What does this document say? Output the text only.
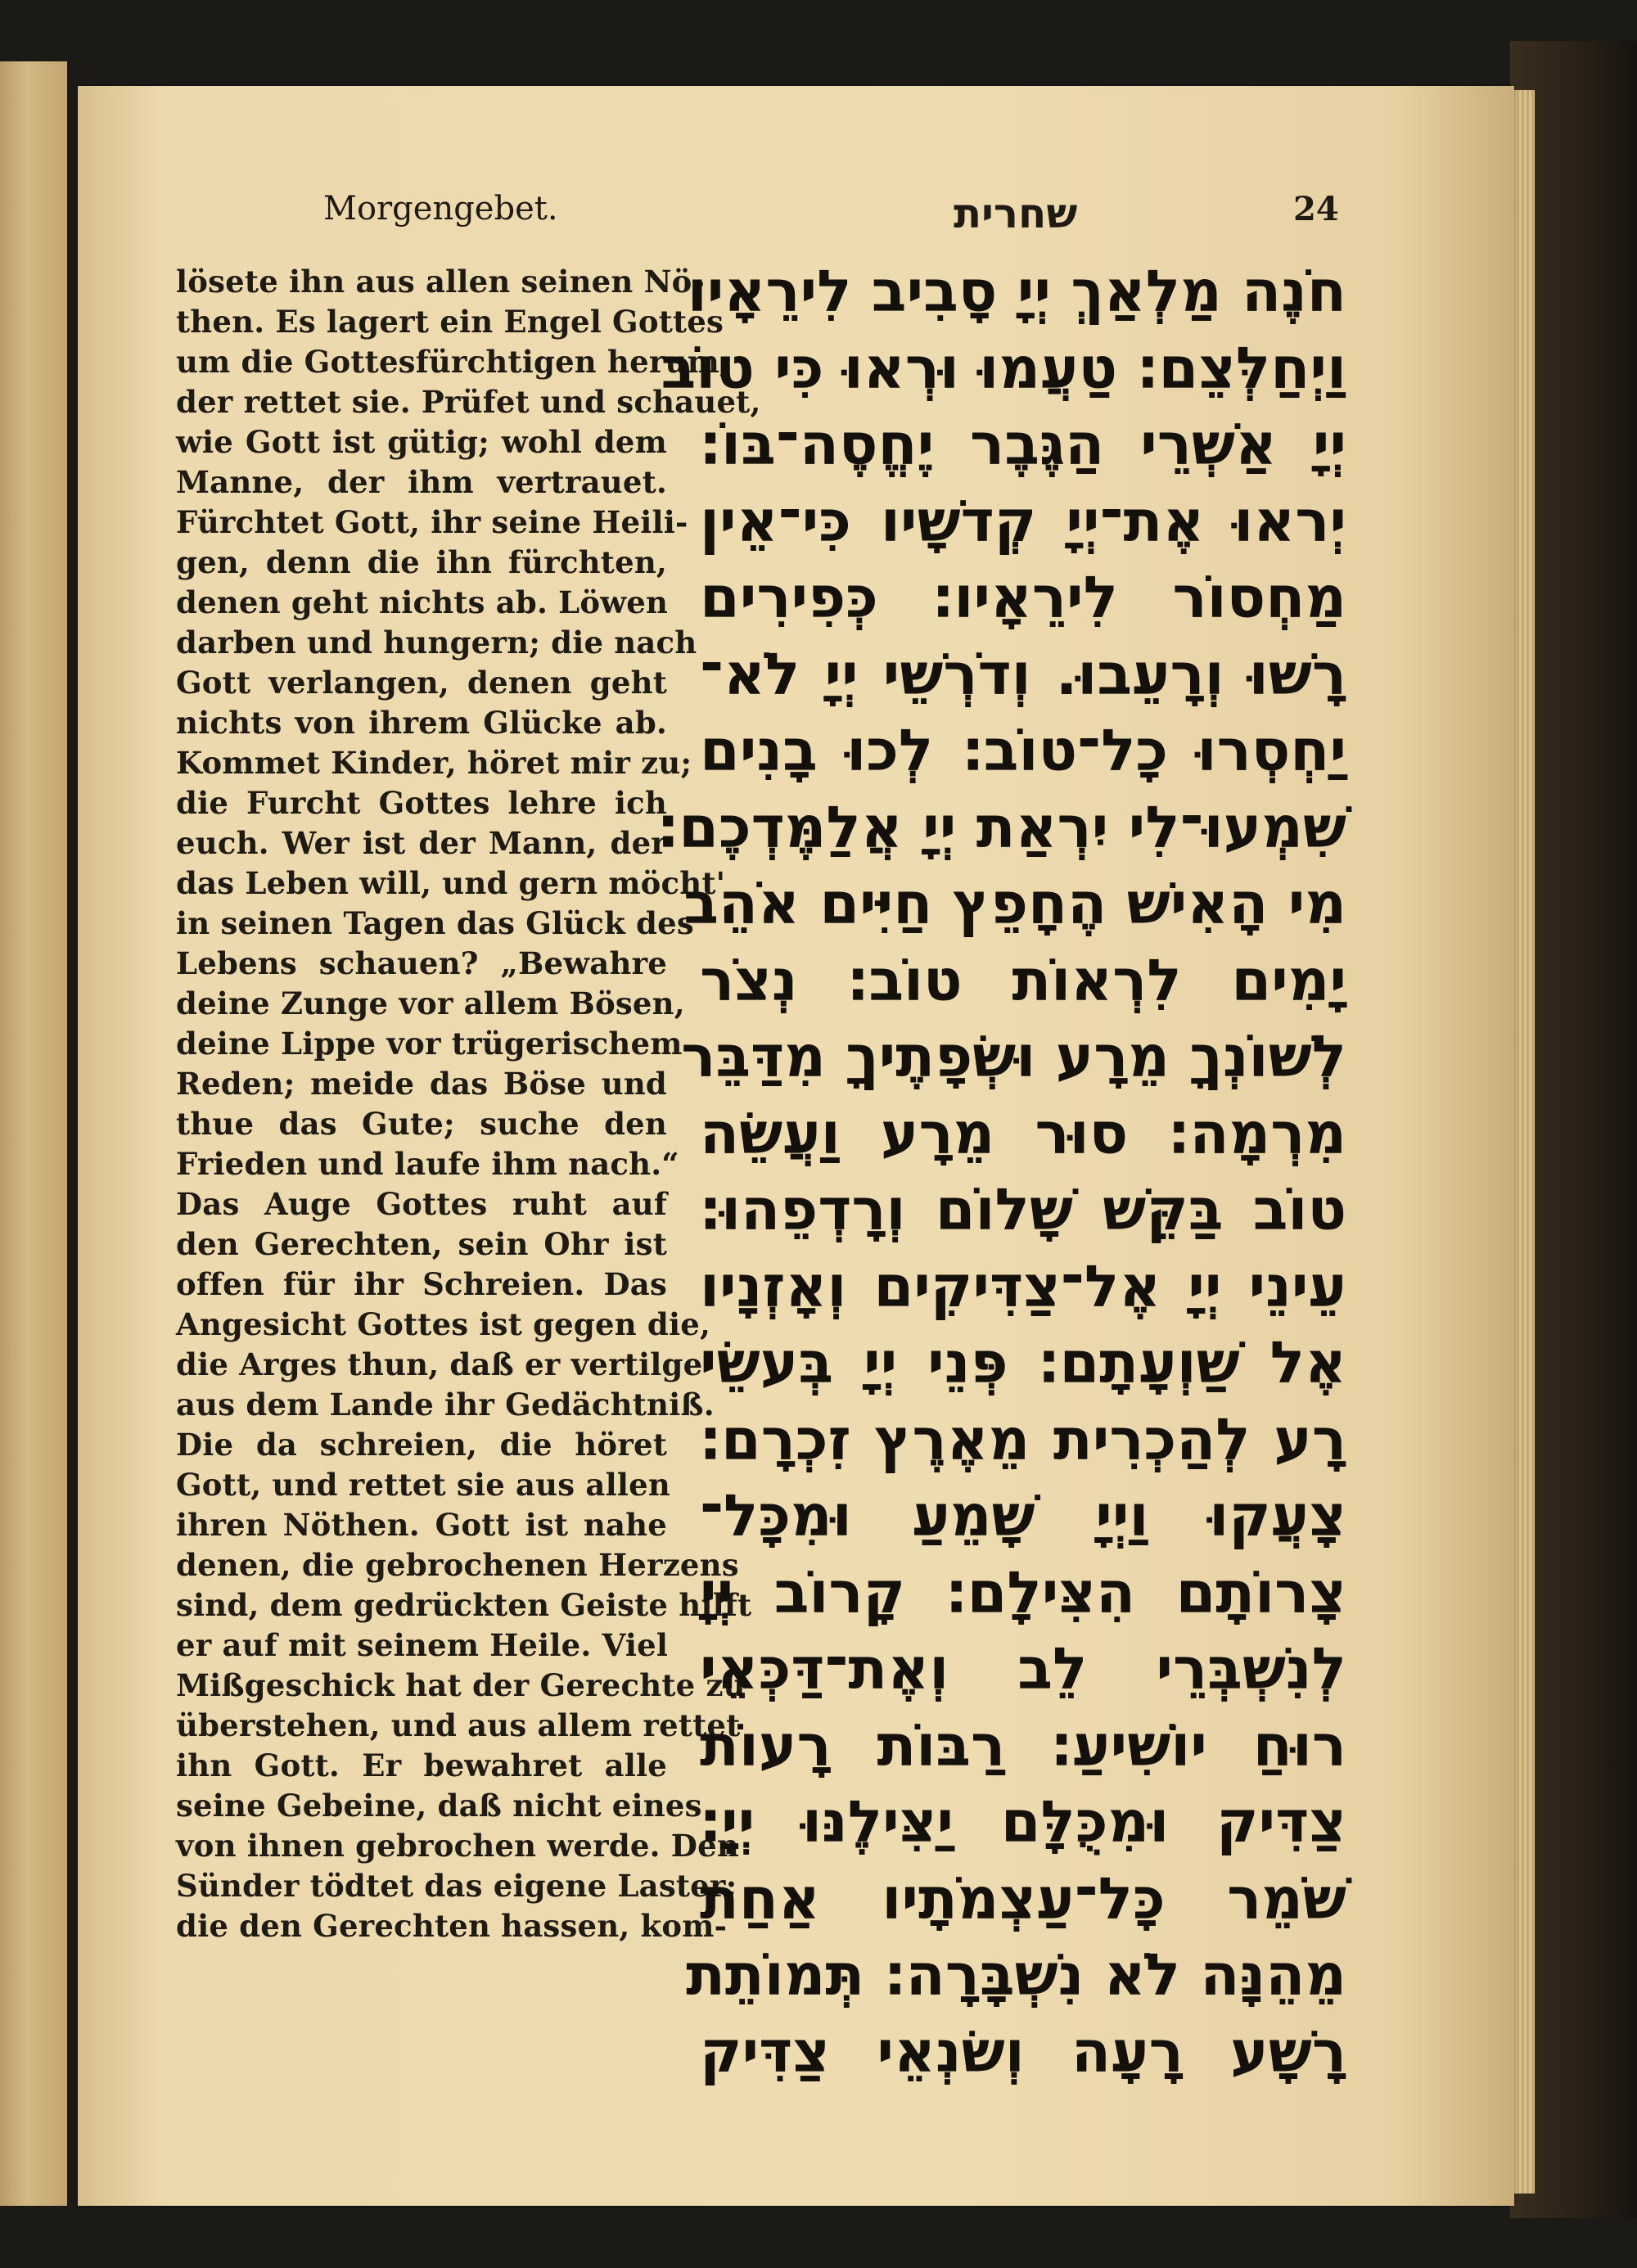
Morgengebet.	שחרית	24
lösete ihn aus allen seinen Nö-
then. Es lagert ein Engel Gottes
um die Gottesfürchtigen herum,
der rettet sie. Prüfet und schauet,
wie Gott ist gütig; wohl dem
Manne, der ihm vertrauet.
Fürchtet Gott, ihr seine Heili-
gen, denn die ihn fürchten,
denen geht nichts ab. Löwen
darben und hungern; die nach
Gott verlangen, denen geht
nichts von ihrem Glücke ab.
Kommet Kinder, höret mir zu;
die Furcht Gottes lehre ich
euch. Wer ist der Mann, der
das Leben will, und gern möcht'
in seinen Tagen das Glück des
Lebens schauen? „Bewahre
deine Zunge vor allem Bösen,
deine Lippe vor trügerischem
Reden; meide das Böse und
thue das Gute; suche den
Frieden und laufe ihm nach.“
Das Auge Gottes ruht auf
den Gerechten, sein Ohr ist
offen für ihr Schreien. Das
Angesicht Gottes ist gegen die,
die Arges thun, daß er vertilge
aus dem Lande ihr Gedächtniß.
Die da schreien, die höret
Gott, und rettet sie aus allen
ihren Nöthen. Gott ist nahe
denen, die gebrochenen Herzens
sind, dem gedrückten Geiste hilft
er auf mit seinem Heile. Viel
Mißgeschick hat der Gerechte zu
überstehen, und aus allem rettet
ihn Gott. Er bewahret alle
seine Gebeine, daß nicht eines
von ihnen gebrochen werde. Den
Sünder tödtet das eigene Laster;
die den Gerechten hassen, kom-
חֹנֶה מַלְאַךְ יְיָ סָבִיב לִירֵאָיו
וַיְחַלְּצֵם׃ טַעֲמוּ וּרְאוּ כִּי טוֹב
יְיָ אַשְׁרֵי הַגֶּבֶר יֶחֱסֶה־בּוֹ׃
יְראוּ אֶת־יְיָ קְדשָׁיו כִּי־אֵין
מַחְסוֹר לִירֵאָיו׃ כְּפִירִים
רָשׁוּ וְרָעֵבוּ. וְדֹרְשֵׁי יְיָ לֹא־
יַחְסְרוּ כָל־טוֹב׃ לְכוּ בָנִים
שִׁמְעוּ־לִי יִרְאַת יְיָ אֲלַמֶּדְכֶם׃
מִי הָאִישׁ הֶחָפֵץ חַיִּים אֹהֵב
יָמִים לִרְאוֹת טוֹב׃ נְצֹר
לְשׁוֹנְךָ מֵרָע וּשְׂפָתֶיךָ מִדַּבֵּר
מִרְמָה׃ סוּר מֵרָע וַעֲשֵׂה
טוֹב בַּקֵּשׁ שָׁלוֹם וְרָדְפֵהוּ׃
עֵינֵי יְיָ אֶל־צַדִּיקִים וְאָזְנָיו
אֶל שַׁוְעָתָם׃ פְּנֵי יְיָ בְּעשֵׂי
רָע לְהַכְרִית מֵאֶרֶץ זִכְרָם׃
צָעֲקוּ וַיְיָ שָׁמֵעַ וּמִכָּל־
צָרוֹתָם הִצִּילָם׃ קָרוֹב יְיָ
לְנִשְׁבְּרֵי לֵב וְאֶת־דַּכְּאֵי
רוּחַ יוֹשִׁיעַ׃ רַבּוֹת רָעוֹת
צַדִּיק וּמִכֻּלָּם יַצִּילֶנּוּ יְיָ׃
שֹׁמֵר כָּל־עַצְמֹתָיו אַחַת
מֵהֵנָּה לֹא נִשְׁבָּרָה׃ תְּמוֹתֵת
רָשָׁע רָעָה וְשׂנְאֵי צַדִּיק
